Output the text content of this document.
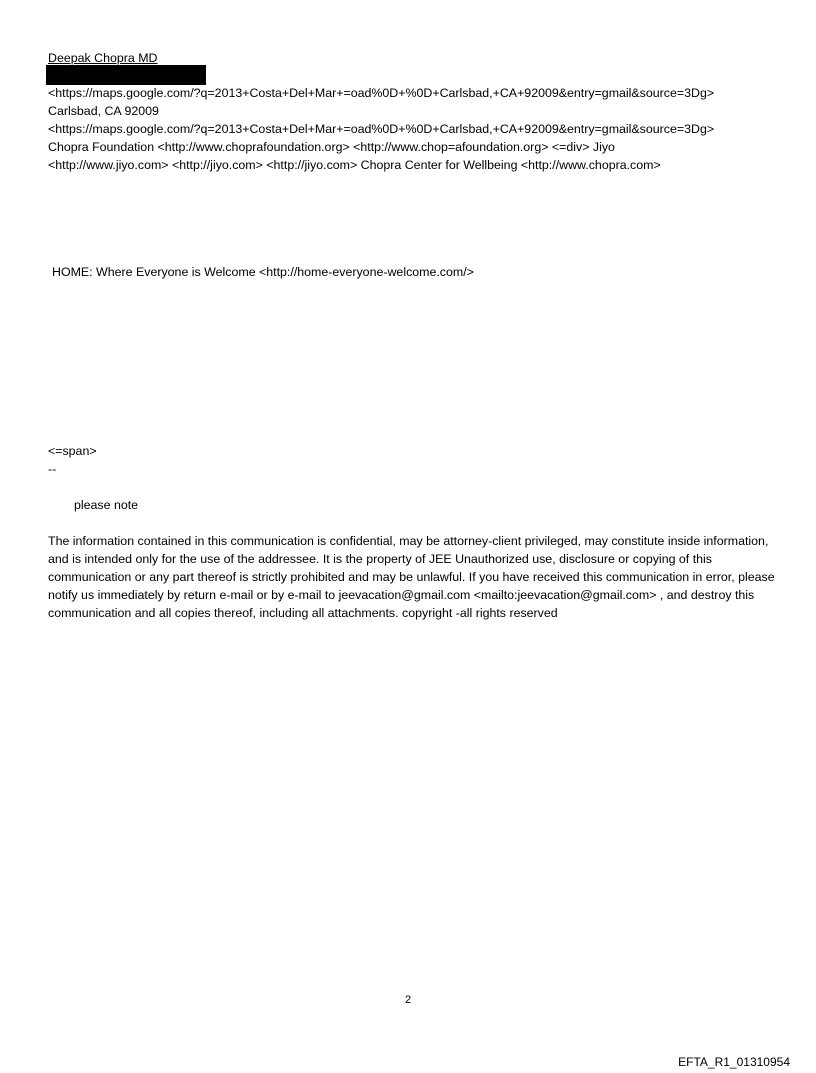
Deepak Chopra MD
<https://maps.google.com/?q=2013+Costa+Del+Mar+=oad%0D+%0D+Carlsbad,+CA+92009&entry=gmail&source=3Dg>
Carlsbad, CA 92009
<https://maps.google.com/?q=2013+Costa+Del+Mar+=oad%0D+%0D+Carlsbad,+CA+92009&entry=gmail&source=3Dg>
Chopra Foundation <http://www.choprafoundation.org> <http://www.chop=afoundation.org> <=div> Jiyo
<http://www.jiyo.com> <http://jiyo.com> <http://jiyo.com> Chopra Center for Wellbeing <http://www.chopra.com>
HOME: Where Everyone is Welcome <http://home-everyone-welcome.com/>
<=span>
--
please note
The information contained in this communication is confidential, may be attorney-client privileged, may constitute inside information, and is intended only for the use of the addressee. It is the property of JEE Unauthorized use, disclosure or copying of this communication or any part thereof is strictly prohibited and may be unlawful. If you have received this communication in error, please notify us immediately by return e-mail or by e-mail to jeevacation@gmail.com <mailto:jeevacation@gmail.com> , and destroy this communication and all copies thereof, including all attachments. copyright -all rights reserved
2
EFTA_R1_01310954
